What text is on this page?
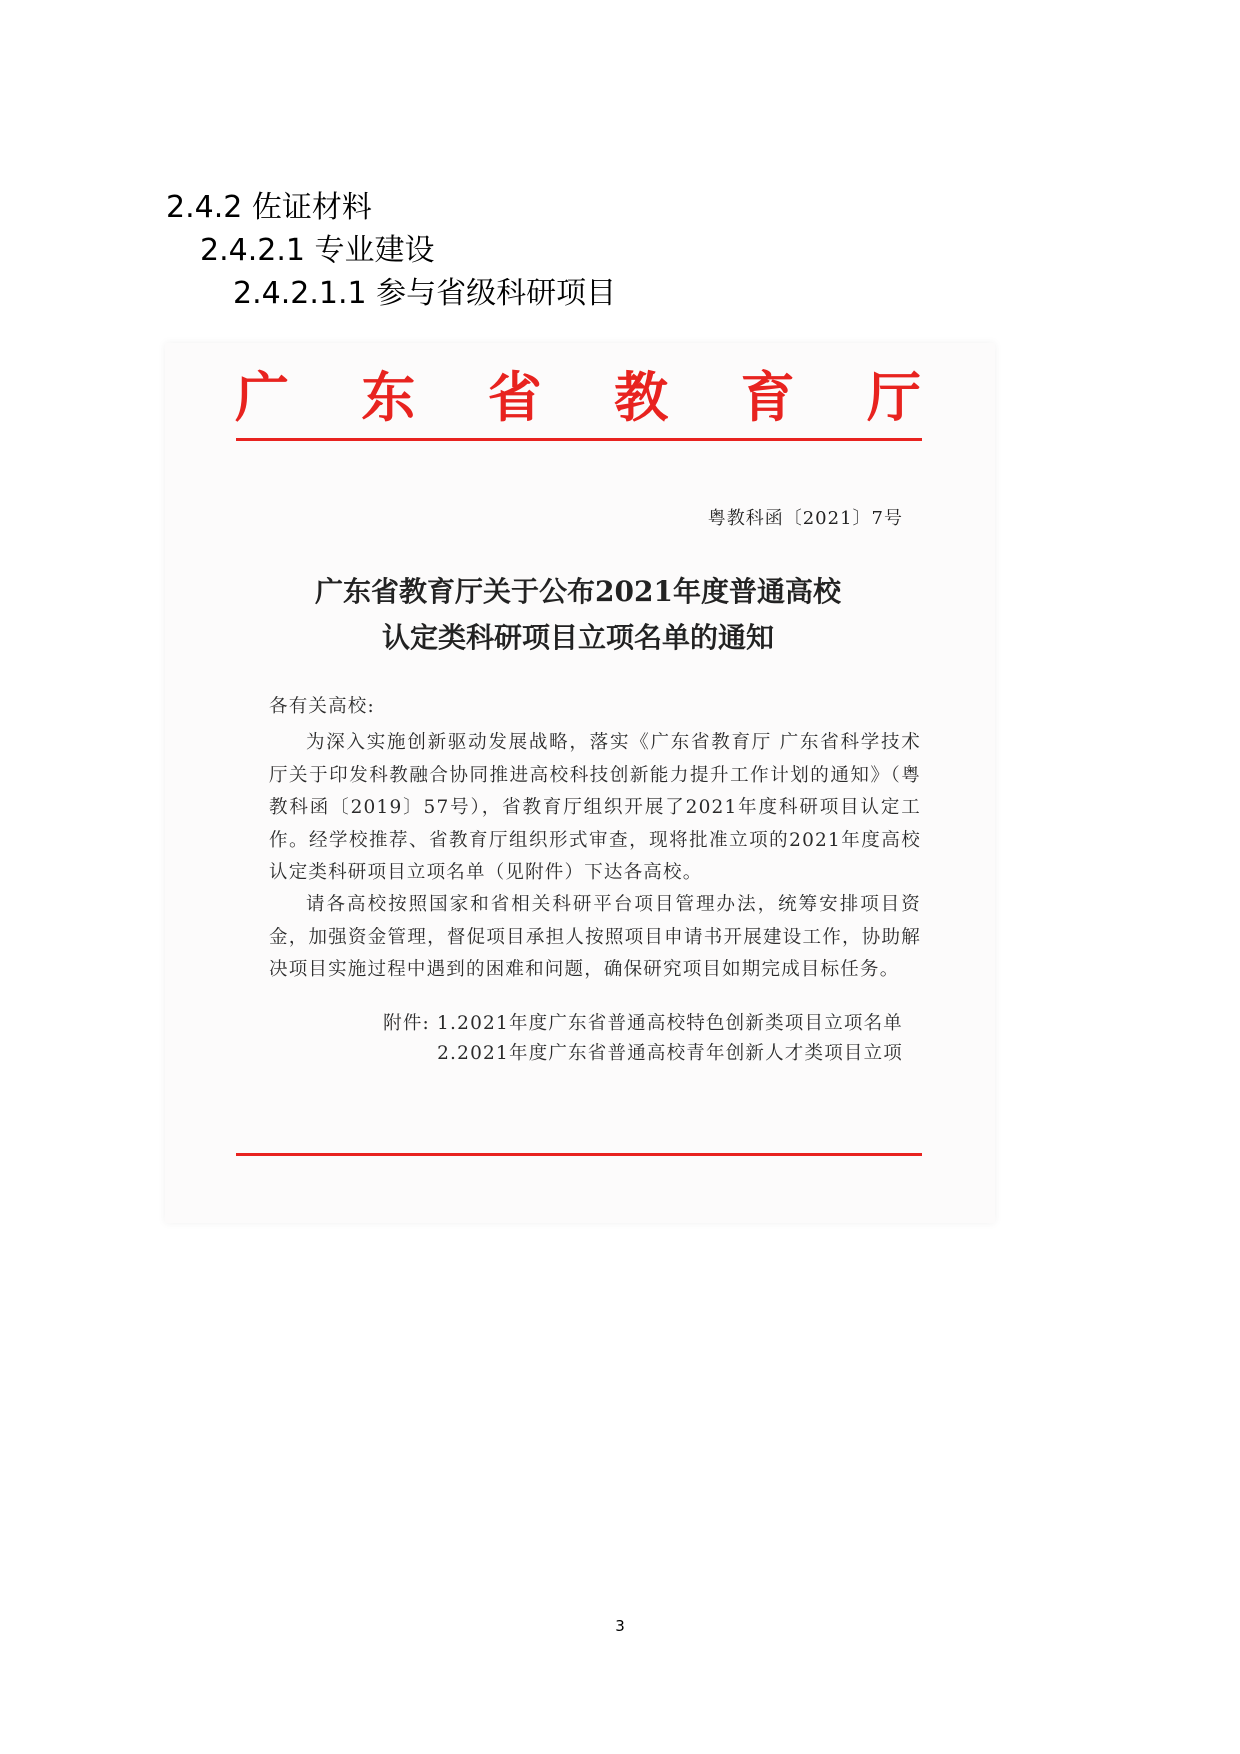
2.4.2 佐证材料
2.4.2.1 专业建设
2.4.2.1.1 参与省级科研项目
广 东 省 教 育 厅
粤教科函〔2021〕7号
广东省教育厅关于公布2021年度普通高校
认定类科研项目立项名单的通知
各有关高校:

为深入实施创新驱动发展战略，落实《广东省教育厅 广东省科学技术厅关于印发科教融合协同推进高校科技创新能力提升工作计划的通知》（粤教科函〔2019〕57号），省教育厅组织开展了2021年度科研项目认定工作。经学校推荐、省教育厅组织形式审查，现将批准立项的2021年度高校认定类科研项目立项名单（见附件）下达各高校。

请各高校按照国家和省相关科研平台项目管理办法，统筹安排项目资金，加强资金管理，督促项目承担人按照项目申请书开展建设工作，协助解决项目实施过程中遇到的困难和问题，确保研究项目如期完成目标任务。

附件: 1.2021年度广东省普通高校特色创新类项目立项名单
2.2021年度广东省普通高校青年创新人才类项目立项
3
